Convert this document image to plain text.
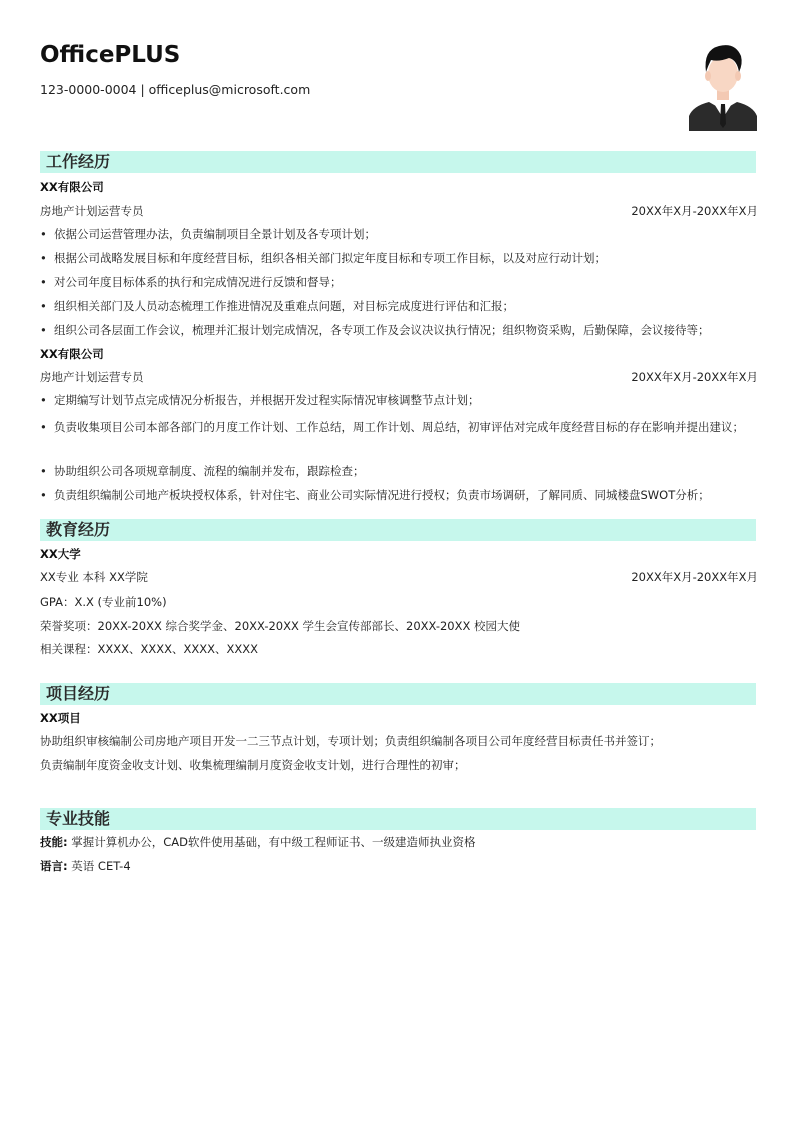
OfficePLUS
123-0000-0004 | officeplus@microsoft.com
工作经历
XX有限公司
房地产计划运营专员	20XX年X月-20XX年X月
• 依据公司运营管理办法，负责编制项目全景计划及各专项计划；
• 根据公司战略发展目标和年度经营目标，组织各相关部门拟定年度目标和专项工作目标，以及对应行动计划；
• 对公司年度目标体系的执行和完成情况进行反馈和督导；
• 组织相关部门及人员动态梳理工作推进情况及重难点问题，对目标完成度进行评估和汇报；
• 组织公司各层面工作会议，梳理并汇报计划完成情况，各专项工作及会议决议执行情况；组织物资采购，后勤保障，会议接待等；
XX有限公司
房地产计划运营专员	20XX年X月-20XX年X月
• 定期编写计划节点完成情况分析报告，并根据开发过程实际情况审核调整节点计划；
• 负责收集项目公司本部各部门的月度工作计划、工作总结，周工作计划、周总结，初审评估对完成年度经营目标的存在影响并提出建议；
• 协助组织公司各项规章制度、流程的编制并发布，跟踪检查；
• 负责组织编制公司地产板块授权体系，针对住宅、商业公司实际情况进行授权；负责市场调研，了解同质、同城楼盘SWOT分析；
教育经历
XX大学
XX专业 本科 XX学院	20XX年X月-20XX年X月
GPA：X.X (专业前10%)
荣誉奖项：20XX-20XX 综合奖学金、20XX-20XX 学生会宣传部部长、20XX-20XX 校园大使
相关课程：XXXX、XXXX、XXXX、XXXX
项目经历
XX项目
协助组织审核编制公司房地产项目开发一二三节点计划，专项计划；负责组织编制各项目公司年度经营目标责任书并签订；
负责编制年度资金收支计划、收集梳理编制月度资金收支计划，进行合理性的初审；
专业技能
技能: 掌握计算机办公，CAD软件使用基础，有中级工程师证书、一级建造师执业资格
语言: 英语 CET-4
